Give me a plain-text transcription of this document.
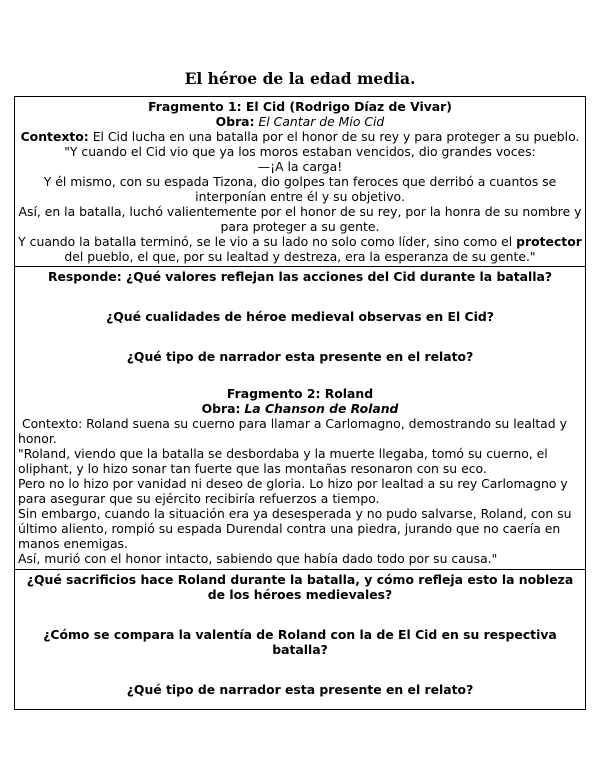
El héroe de la edad media.

Fragmento 1: El Cid (Rodrigo Díaz de Vivar)

Obra: El Cantar de Mio Cid

Contexto: El Cid lucha en una batalla por el honor de su rey y para proteger a su pueblo.

"Y cuando el Cid vio que ya los moros estaban vencidos, dio grandes voces:

—¡A la carga!

Y él mismo, con su espada Tizona, dio golpes tan feroces que derribó a cuantos se interponían entre él y su objetivo.

Así, en la batalla, luchó valientemente por el honor de su rey, por la honra de su nombre y para proteger a su gente.

Y cuando la batalla terminó, se le vio a su lado no solo como líder, sino como el protector del pueblo, el que, por su lealtad y destreza, era la esperanza de su gente."

Responde: ¿Qué valores reflejan las acciones del Cid durante la batalla?

¿Qué cualidades de héroe medieval observas en El Cid?

¿Qué tipo de narrador esta presente en el relato?

Fragmento 2: Roland

Obra: La Chanson de Roland

Contexto: Roland suena su cuerno para llamar a Carlomagno, demostrando su lealtad y honor.

"Roland, viendo que la batalla se desbordaba y la muerte llegaba, tomó su cuerno, el oliphant, y lo hizo sonar tan fuerte que las montañas resonaron con su eco.

Pero no lo hizo por vanidad ni deseo de gloria. Lo hizo por lealtad a su rey Carlomagno y para asegurar que su ejército recibiría refuerzos a tiempo.

Sin embargo, cuando la situación era ya desesperada y no pudo salvarse, Roland, con su último aliento, rompió su espada Durendal contra una piedra, jurando que no caería en manos enemigas.

Así, murió con el honor intacto, sabiendo que había dado todo por su causa."

¿Qué sacrificios hace Roland durante la batalla, y cómo refleja esto la nobleza de los héroes medievales?

¿Cómo se compara la valentía de Roland con la de El Cid en su respectiva batalla?

¿Qué tipo de narrador esta presente en el relato?
